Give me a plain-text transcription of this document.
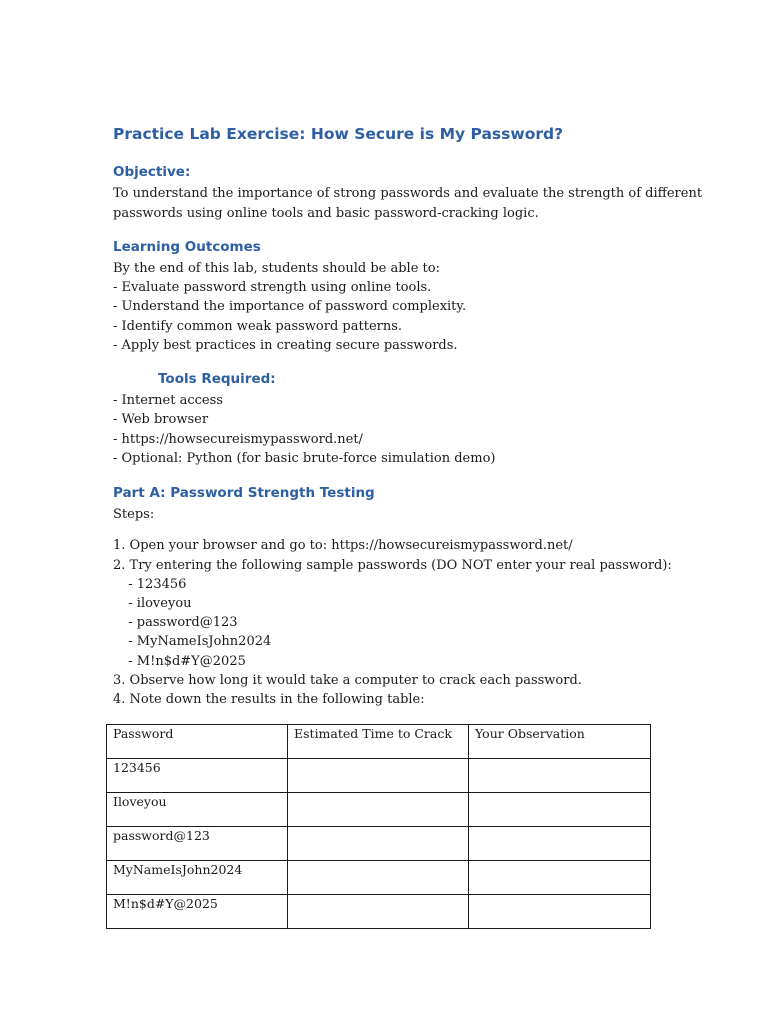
Practice Lab Exercise: How Secure is My Password?
Objective:

To understand the importance of strong passwords and evaluate the strength of different

passwords using online tools and basic password-cracking logic.

Learning Outcomes

By the end of this lab, students should be able to:

- Evaluate password strength using online tools.

- Understand the importance of password complexity.

- Identify common weak password patterns.

- Apply best practices in creating secure passwords.

Tools Required:

- Internet access

- Web browser

- https://howsecureismypassword.net/

- Optional: Python (for basic brute-force simulation demo)

Part A: Password Strength Testing

Steps:

1. Open your browser and go to: https://howsecureismypassword.net/

2. Try entering the following sample passwords (DO NOT enter your real password):

- 123456

- iloveyou

- password@123

- MyNameIsJohn2024

- M!n$d#Y@2025

3. Observe how long it would take a computer to crack each password.

4. Note down the results in the following table:

Password	Estimated Time to Crack	Your Observation
123456		
Iloveyou		
password@123		
MyNameIsJohn2024		
M!n$d#Y@2025		
